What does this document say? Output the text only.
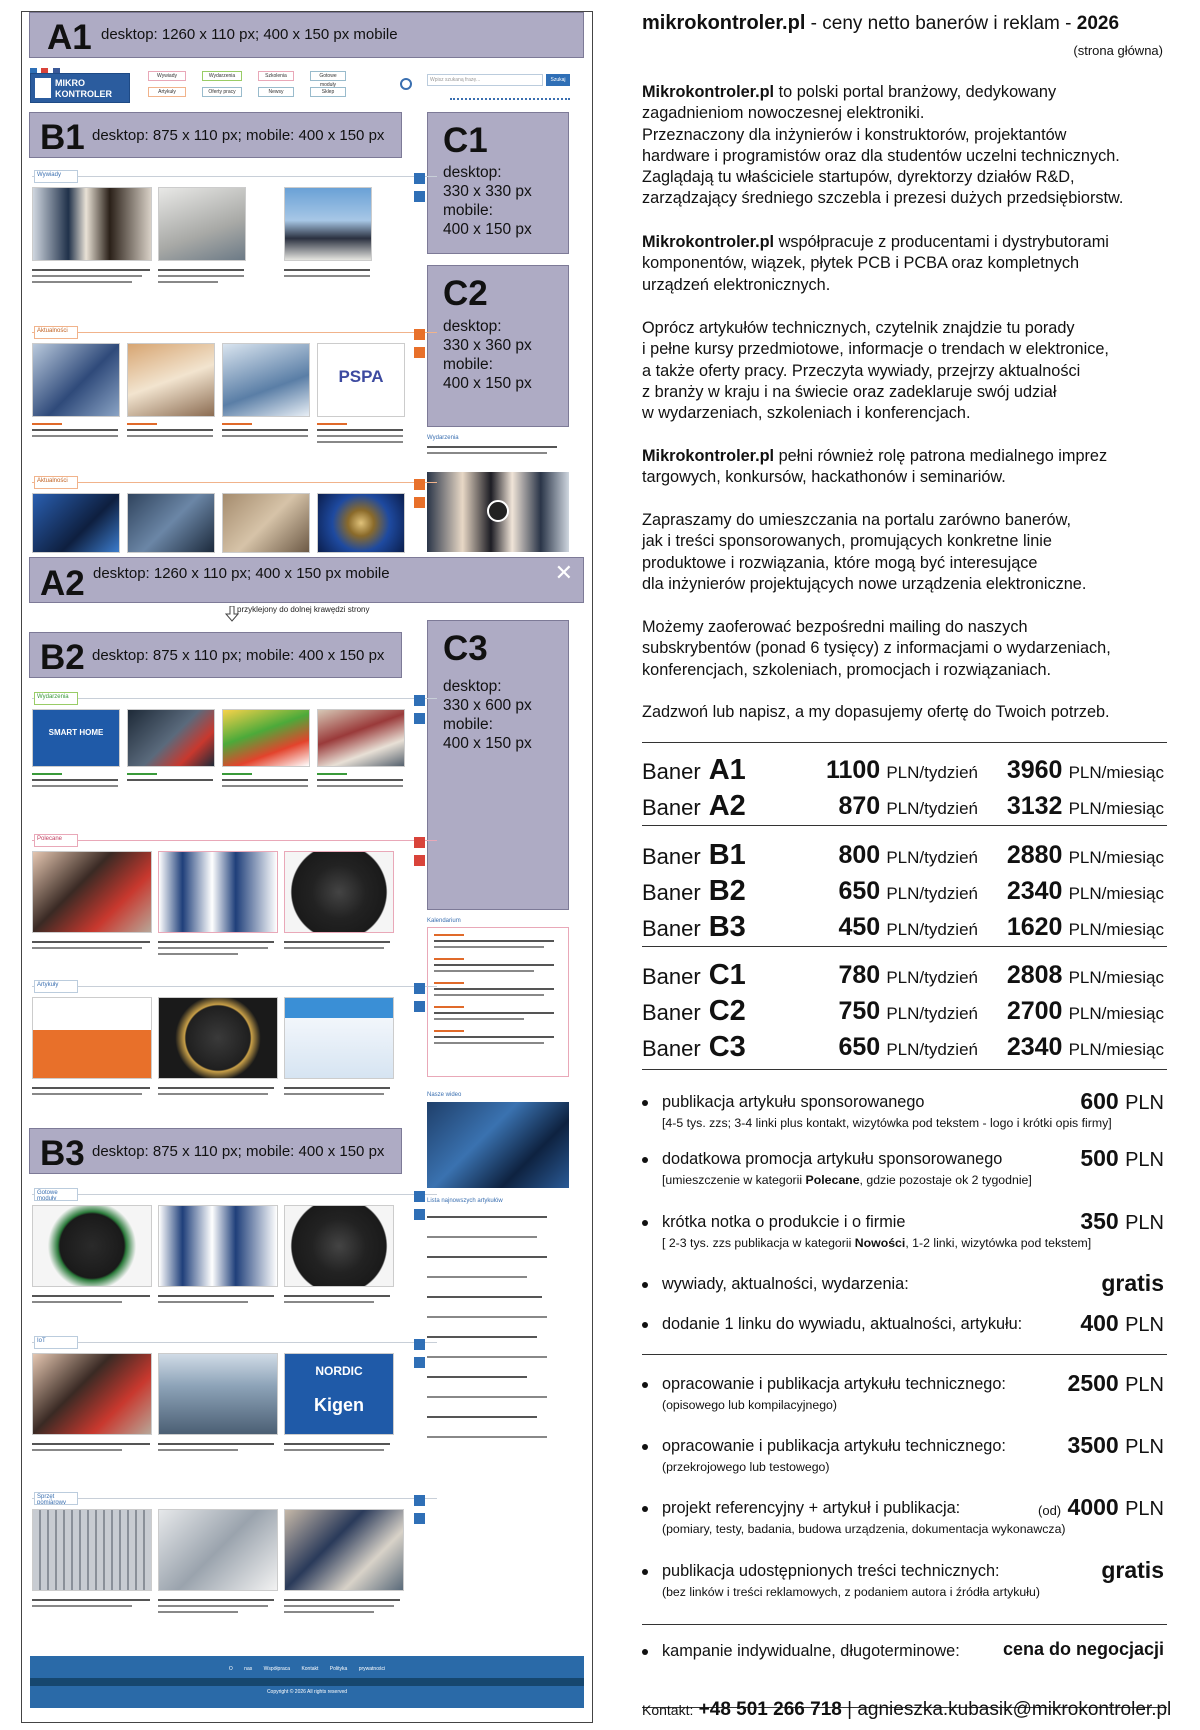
A1 desktop: 1260 x 110 px; 400 x 150 px mobile

MIKRO KONTROLER
Wywiady	Wydarzenia	Szkolenia	Gotowe moduły
Artykuły	Oferty pracy	Newsy	Sklep
Wpisz szukaną frazę...	Szukaj
B1 desktop: 875 x 110 px; mobile: 400 x 150 px C1
desktop:
330 x 330 px
mobile:
400 x 150 px
C2
desktop:
330 x 360 px
mobile:
400 x 150 px
Wywiady
Aktualności
PSPA
Wydarzenia
Aktualności
A2 desktop: 1260 x 110 px; 400 x 150 px mobile	✕
przyklejony do dolnej krawędzi strony
B2 desktop: 875 x 110 px; mobile: 400 x 150 px C3
desktop:
330 x 600 px
mobile:
400 x 150 px
Wydarzenia
SMART HOME
Polecane
Kalendarium
Artykuły
Nasze wideo
B3 desktop: 875 x 110 px; mobile: 400 x 150 px
Lista najnowszych artykułów
Gotowe moduły
IoT
NORDIC
Kigen
Sprzęt pomiarowy
O nas Współpraca Kontakt Polityka prywatności
Copyright © 2026 All rights reserved
mikrokontroler.pl - ceny netto banerów i reklam - 2026
(strona główna)
Mikrokontroler.pl to polski portal branżowy, dedykowany
zagadnieniom nowoczesnej elektroniki.
Przeznaczony dla inżynierów i konstruktorów, projektantów
hardware i programistów oraz dla studentów uczelni technicznych.
Zaglądają tu właściciele startupów, dyrektorzy działów R&D,
zarządzający średniego szczebla i prezesi dużych przedsiębiorstw.
Mikrokontroler.pl współpracuje z producentami i dystrybutorami
komponentów, wiązek, płytek PCB i PCBA oraz kompletnych
urządzeń elektronicznych.
Oprócz artykułów technicznych, czytelnik znajdzie tu porady
i pełne kursy przedmiotowe, informacje o trendach w elektronice,
a także oferty pracy. Przeczyta wywiady, przejrzy aktualności
z branży w kraju i na świecie oraz zadeklaruje swój udział
w wydarzeniach, szkoleniach i konferencjach.
Mikrokontroler.pl pełni również rolę patrona medialnego imprez
targowych, konkursów, hackathonów i seminariów.
Zapraszamy do umieszczania na portalu zarówno banerów,
jak i treści sponsorowanych, promujących konkretne linie
produktowe i rozwiązania, które mogą być interesujące
dla inżynierów projektujących nowe urządzenia elektroniczne.
Możemy zaoferować bezpośredni mailing do naszych
subskrybentów (ponad 6 tysięcy) z informacjami o wydarzeniach,
konferencjach, szkoleniach, promocjach i rozwiązaniach.
Zadzwoń lub napisz, a my dopasujemy ofertę do Twoich potrzeb.
Baner A1	1100 PLN/tydzień 3960 PLN/miesiąc
Baner A2	870 PLN/tydzień 3132 PLN/miesiąc
Baner B1	800 PLN/tydzień 2880 PLN/miesiąc
Baner B2	650 PLN/tydzień 2340 PLN/miesiąc
Baner B3	450 PLN/tydzień 1620 PLN/miesiąc
Baner C1	780 PLN/tydzień 2808 PLN/miesiąc
Baner C2	750 PLN/tydzień 2700 PLN/miesiąc
Baner C3	650 PLN/tydzień 2340 PLN/miesiąc
publikacja artykułu sponsorowanego	600 PLN
[4-5 tys. zzs; 3-4 linki plus kontakt, wizytówka pod tekstem - logo i krótki opis firmy]
dodatkowa promocja artykułu sponsorowanego	500 PLN
[umieszczenie w kategorii Polecane, gdzie pozostaje ok 2 tygodnie]
krótka notka o produkcie i o firmie	350 PLN
[ 2-3 tys. zzs publikacja w kategorii Nowości, 1-2 linki, wizytówka pod tekstem]
wywiady, aktualności, wydarzenia:	gratis
dodanie 1 linku do wywiadu, aktualności, artykułu:	400 PLN
opracowanie i publikacja artykułu technicznego:	2500 PLN
(opisowego lub kompilacyjnego)
opracowanie i publikacja artykułu technicznego:	3500 PLN
(przekrojowego lub testowego)
projekt referencyjny + artykuł i publikacja:	(od) 4000 PLN
(pomiary, testy, badania, budowa urządzenia, dokumentacja wykonawcza)
publikacja udostępnionych treści technicznych:	gratis
(bez linków i treści reklamowych, z podaniem autora i źródła artykułu)
kampanie indywidualne, długoterminowe: cena do negocjacji
Kontakt: +48 501 266 718 | agnieszka.kubasik@mikrokontroler.pl
